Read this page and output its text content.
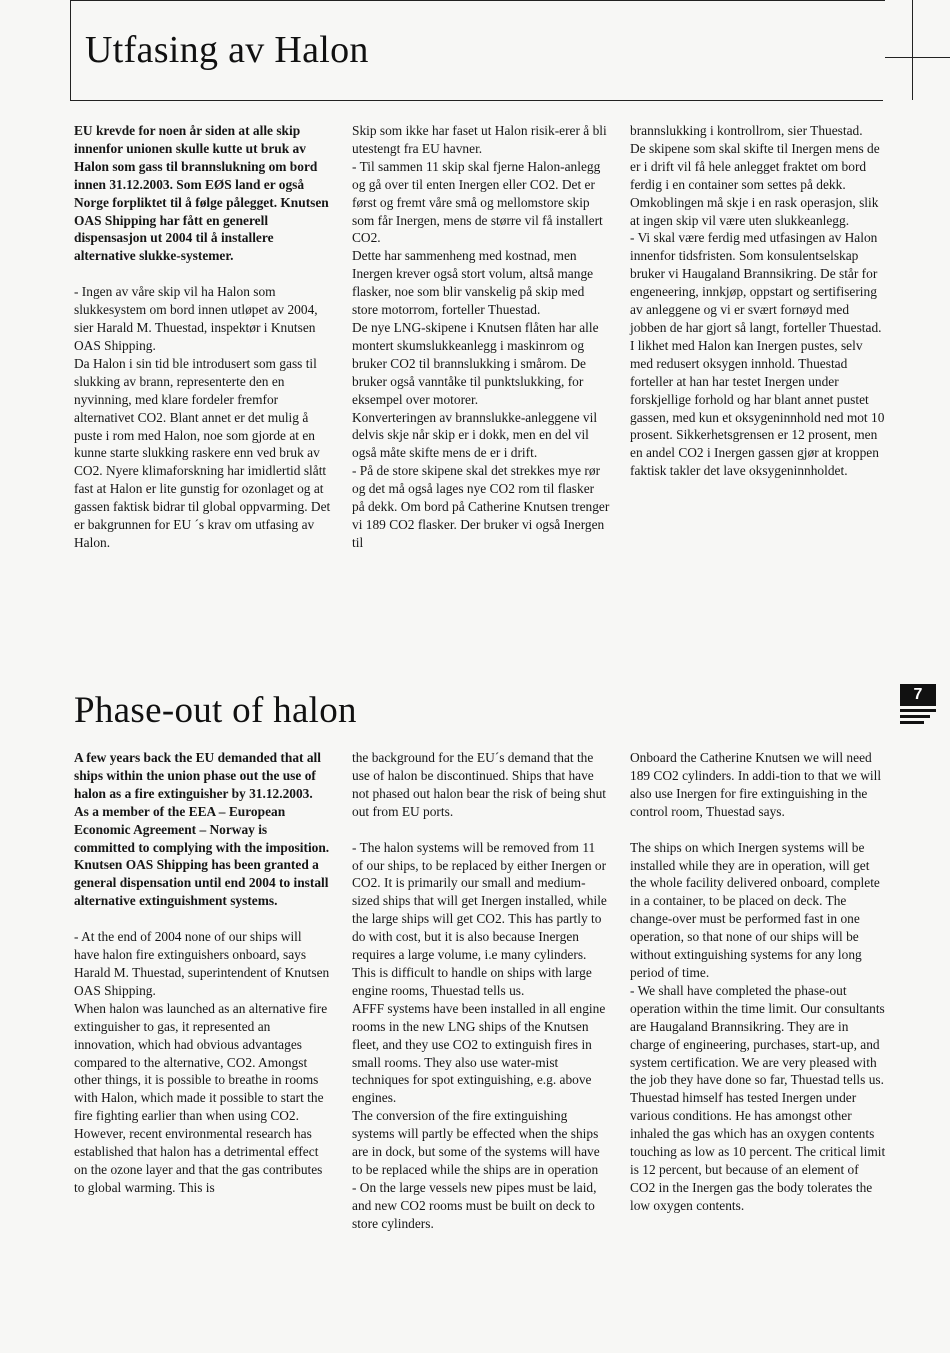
Utfasing av Halon

EU krevde for noen år siden at alle skip innenfor unionen skulle kutte ut bruk av Halon som gass til brannslukning om bord innen 31.12.2003. Som EØS land er også Norge forpliktet til å følge pålegget. Knutsen OAS Shipping har fått en generell dispensasjon ut 2004 til å installere alternative slukke-systemer.

- Ingen av våre skip vil ha Halon som slukkesystem om bord innen utløpet av 2004, sier Harald M. Thuestad, inspektør i Knutsen OAS Shipping.

Da Halon i sin tid ble introdusert som gass til slukking av brann, representerte den en nyvinning, med klare fordeler fremfor alternativet CO2. Blant annet er det mulig å puste i rom med Halon, noe som gjorde at en kunne starte slukking raskere enn ved bruk av CO2. Nyere klimaforskning har imidlertid slått fast at Halon er lite gunstig for ozonlaget og at gassen faktisk bidrar til global oppvarming. Det er bakgrunnen for EU ´s krav om utfasing av Halon.

Skip som ikke har faset ut Halon risik-erer å bli utestengt fra EU havner.

- Til sammen 11 skip skal fjerne Halon-anlegg og gå over til enten Inergen eller CO2. Det er først og fremt våre små og mellomstore skip som får Inergen, mens de større vil få installert CO2.

Dette har sammenheng med kostnad, men Inergen krever også stort volum, altså mange flasker, noe som blir vanskelig på skip med store motorrom, forteller Thuestad.

De nye LNG-skipene i Knutsen flåten har alle montert skumslukkeanlegg i maskinrom og bruker CO2 til brannslukking i smårom. De bruker også vanntåke til punktslukking, for eksempel over motorer.

Konverteringen av brannslukke-anleggene vil delvis skje når skip er i dokk, men en del vil også måte skifte mens de er i drift.

- På de store skipene skal det strekkes mye rør og det må også lages nye CO2 rom til flasker på dekk. Om bord på Catherine Knutsen trenger vi 189 CO2 flasker. Der bruker vi også Inergen til

brannslukking i kontrollrom, sier Thuestad.

De skipene som skal skifte til Inergen mens de er i drift vil få hele anlegget fraktet om bord ferdig i en container som settes på dekk. Omkoblingen må skje i en rask operasjon, slik at ingen skip vil være uten slukkeanlegg.

- Vi skal være ferdig med utfasingen av Halon innenfor tidsfristen. Som konsulentselskap bruker vi Haugaland Brannsikring. De står for engeneering, innkjøp, oppstart og sertifisering av anleggene og vi er svært fornøyd med jobben de har gjort så langt, forteller Thuestad.

I likhet med Halon kan Inergen pustes, selv med redusert oksygen innhold. Thuestad forteller at han har testet Inergen under forskjellige forhold og har blant annet pustet gassen, med kun et oksygeninnhold ned mot 10 prosent. Sikkerhetsgrensen er 12 prosent, men en andel CO2 i Inergen gassen gjør at kroppen faktisk takler det lave oksygeninnholdet.

7
Phase-out of halon

A few years back the EU demanded that all ships within the union phase out the use of halon as a fire extinguisher by 31.12.2003. As a member of the EEA – European Economic Agreement – Norway is committed to complying with the imposition. Knutsen OAS Shipping has been granted a general dispensation until end 2004 to install alternative extinguishment systems.

- At the end of 2004 none of our ships will have halon fire extinguishers onboard, says Harald M. Thuestad, superintendent of Knutsen OAS Shipping.

When halon was launched as an alternative fire extinguisher to gas, it represented an innovation, which had obvious advantages compared to the alternative, CO2. Amongst other things, it is possible to breathe in rooms with Halon, which made it possible to start the fire fighting earlier than when using CO2. However, recent environmental research has established that halon has a detrimental effect on the ozone layer and that the gas contributes to global warming. This is

the background for the EU´s demand that the use of halon be discontinued. Ships that have not phased out halon bear the risk of being shut out from EU ports.

- The halon systems will be removed from 11 of our ships, to be replaced by either Inergen or CO2. It is primarily our small and medium-sized ships that will get Inergen installed, while the large ships will get CO2. This has partly to do with cost, but it is also because Inergen requires a large volume, i.e many cylinders. This is difficult to handle on ships with large engine rooms, Thuestad tells us.

AFFF systems have been installed in all engine rooms in the new LNG ships of the Knutsen fleet, and they use CO2 to extinguish fires in small rooms. They also use water-mist techniques for spot extinguishing, e.g. above engines.

The conversion of the fire extinguishing systems will partly be effected when the ships are in dock, but some of the systems will have to be replaced while the ships are in operation

- On the large vessels new pipes must be laid, and new CO2 rooms must be built on deck to store cylinders.

Onboard the Catherine Knutsen we will need 189 CO2 cylinders. In addi-tion to that we will also use Inergen for fire extinguishing in the control room, Thuestad says.

The ships on which Inergen systems will be installed while they are in operation, will get the whole facility delivered onboard, complete in a container, to be placed on deck. The change-over must be performed fast in one operation, so that none of our ships will be without extinguishing systems for any long period of time.

- We shall have completed the phase-out operation within the time limit. Our consultants are Haugaland Brannsikring. They are in charge of engineering, purchases, start-up, and system certification. We are very pleased with the job they have done so far, Thuestad tells us.

Thuestad himself has tested Inergen under various conditions. He has amongst other inhaled the gas which has an oxygen contents touching as low as 10 percent. The critical limit is 12 percent, but because of an element of CO2 in the Inergen gas the body tolerates the low oxygen contents.
